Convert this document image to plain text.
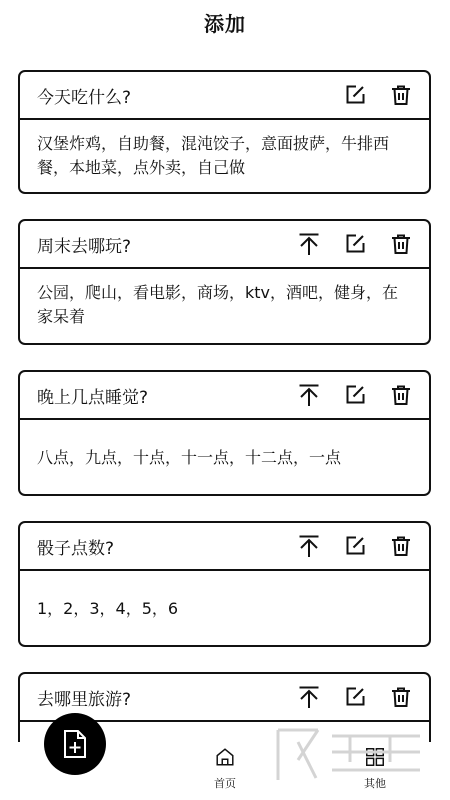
添加
今天吃什么?
汉堡炸鸡，自助餐，混沌饺子，意面披萨，牛排西餐，本地菜，点外卖，自己做
周末去哪玩?
公园，爬山，看电影，商场，ktv，酒吧，健身，在家呆着
晚上几点睡觉?
八点，九点，十点，十一点，十二点，一点
骰子点数?
1，2，3，4，5，6
去哪里旅游?
首页	其他
